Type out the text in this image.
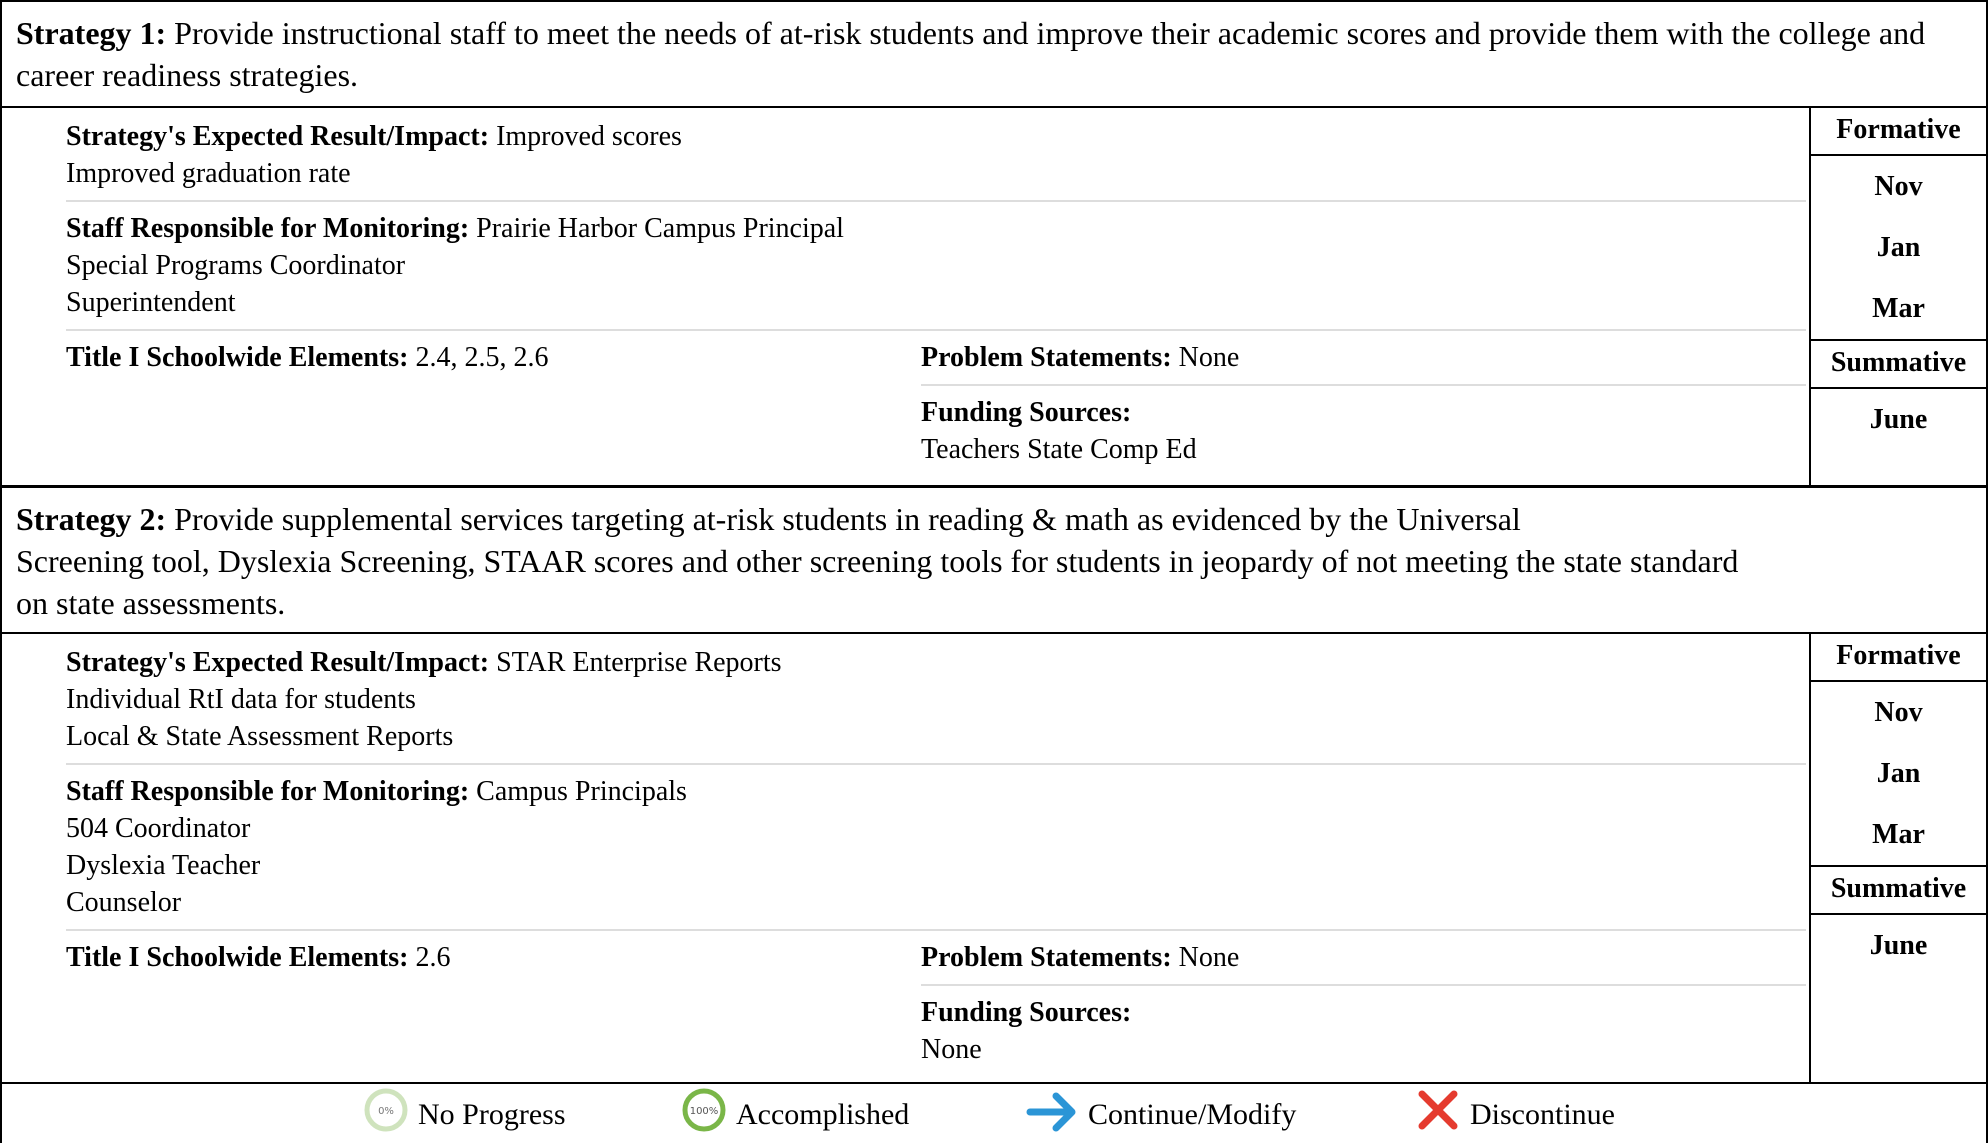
Strategy 1: Provide instructional staff to meet the needs of at-risk students and improve their academic scores and provide them with the college and career readiness strategies.
Strategy's Expected Result/Impact: Improved scores
Improved graduation rate
Staff Responsible for Monitoring: Prairie Harbor Campus Principal
Special Programs Coordinator
Superintendent
Title I Schoolwide Elements: 2.4, 2.5, 2.6	Problem Statements: None
Funding Sources:
Teachers State Comp Ed
Formative
Nov
Jan
Mar
Summative
June
Strategy 2: Provide supplemental services targeting at-risk students in reading & math as evidenced by the Universal
Screening tool, Dyslexia Screening, STAAR scores and other screening tools for students in jeopardy of not meeting the state standard
on state assessments.
Strategy's Expected Result/Impact: STAR Enterprise Reports
Individual RtI data for students
Local & State Assessment Reports
Staff Responsible for Monitoring: Campus Principals
504 Coordinator
Dyslexia Teacher
Counselor
Title I Schoolwide Elements: 2.6	Problem Statements: None
Funding Sources:
None
Formative
Nov
Jan
Mar
Summative
June
0% No Progress	100% Accomplished	Continue/Modify	Discontinue
